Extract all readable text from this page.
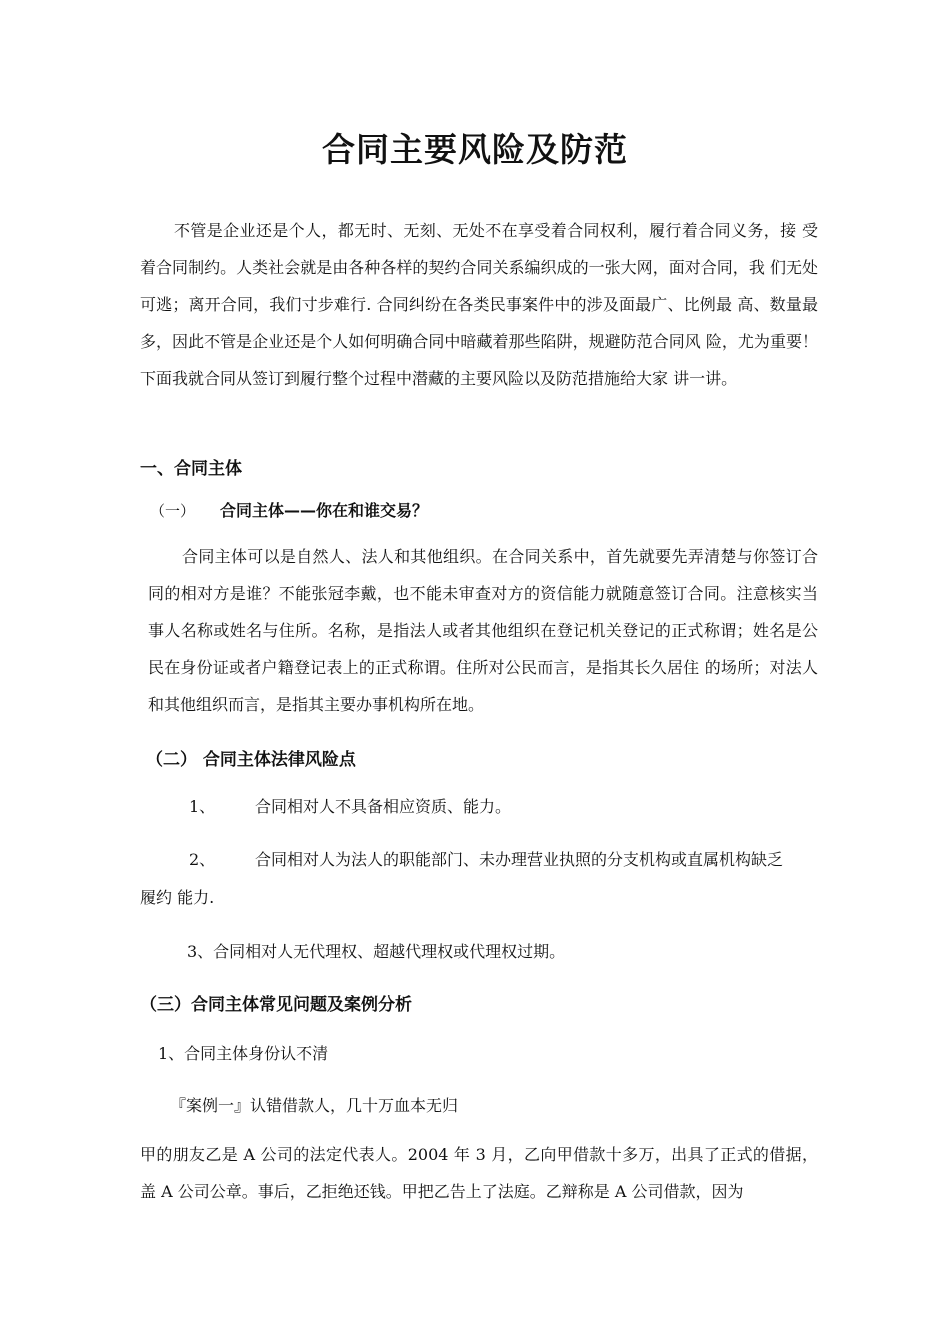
合同主要风险及防范

不管是企业还是个人，都无时、无刻、无处不在享受着合同权利，履行着合同义务，接 受着合同制约。人类社会就是由各种各样的契约合同关系编织成的一张大网，面对合同，我 们无处可逃；离开合同，我们寸步难行. 合同纠纷在各类民事案件中的涉及面最广、比例最 高、数量最多，因此不管是企业还是个人如何明确合同中暗藏着那些陷阱，规避防范合同风 险，尤为重要！下面我就合同从签订到履行整个过程中潜藏的主要风险以及防范措施给大家 讲一讲。

一、合同主体
（一） 合同主体——你在和谁交易？

合同主体可以是自然人、法人和其他组织。在合同关系中，首先就要先弄清楚与你签订合同的相对方是谁？不能张冠李戴，也不能未审查对方的资信能力就随意签订合同。注意核实当事人名称或姓名与住所。名称，是指法人或者其他组织在登记机关登记的正式称谓；姓名是公民在身份证或者户籍登记表上的正式称谓。住所对公民而言，是指其长久居住 的场所；对法人和其他组织而言，是指其主要办事机构所在地。

（二） 合同主体法律风险点

1、 合同相对人不具备相应资质、能力。

2、 合同相对人为法人的职能部门、未办理营业执照的分支机构或直属机构缺乏

履约 能力.

3、合同相对人无代理权、超越代理权或代理权过期。

（三）合同主体常见问题及案例分析

1、合同主体身份认不清

『案例一』认错借款人，几十万血本无归

甲的朋友乙是 A 公司的法定代表人。2004 年 3 月，乙向甲借款十多万，出具了正式的借据， 盖 A 公司公章。事后，乙拒绝还钱。甲把乙告上了法庭。乙辩称是 A 公司借款，因为
